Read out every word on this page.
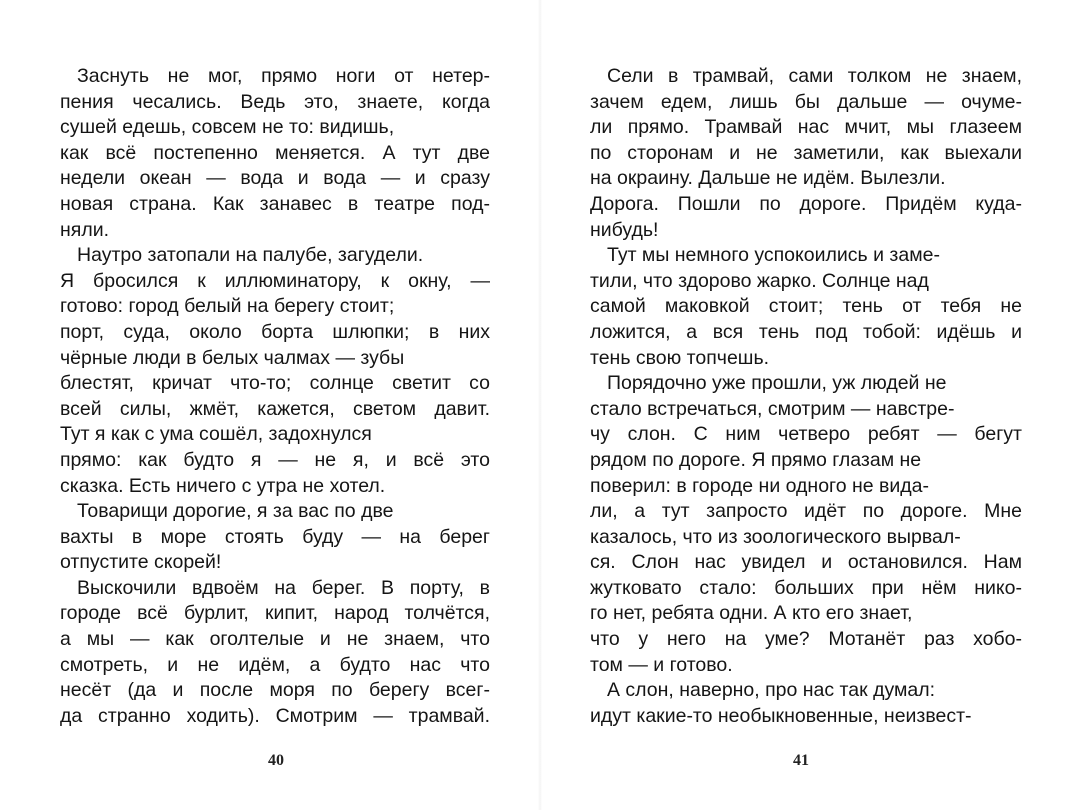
Заснуть не мог, прямо ноги от нетер-
пения чесались. Ведь это, знаете, когда
сушей едешь, совсем не то: видишь,
как всё постепенно меняется. А тут две
недели океан — вода и вода — и сразу
новая страна. Как занавес в театре под-
няли.
Наутро затопали на палубе, загудели.
Я бросился к иллюминатору, к окну, —
готово: город белый на берегу стоит;
порт, суда, около борта шлюпки; в них
чёрные люди в белых чалмах — зубы
блестят, кричат что-то; солнце светит со
всей силы, жмёт, кажется, светом давит.
Тут я как с ума сошёл, задохнулся
прямо: как будто я — не я, и всё это
сказка. Есть ничего с утра не хотел.
Товарищи дорогие, я за вас по две
вахты в море стоять буду — на берег
отпустите скорей!
Выскочили вдвоём на берег. В порту, в
городе всё бурлит, кипит, народ толчётся,
а мы — как оголтелые и не знаем, что
смотреть, и не идём, а будто нас что
несёт (да и после моря по берегу всег-
да странно ходить). Смотрим — трамвай.
Сели в трамвай, сами толком не знаем,
зачем едем, лишь бы дальше — очуме-
ли прямо. Трамвай нас мчит, мы глазеем
по сторонам и не заметили, как выехали
на окраину. Дальше не идём. Вылезли.
Дорога. Пошли по дороге. Придём куда-
нибудь!
Тут мы немного успокоились и заме-
тили, что здорово жарко. Солнце над
самой маковкой стоит; тень от тебя не
ложится, а вся тень под тобой: идёшь и
тень свою топчешь.
Порядочно уже прошли, уж людей не
стало встречаться, смотрим — навстре-
чу слон. С ним четверо ребят — бегут
рядом по дороге. Я прямо глазам не
поверил: в городе ни одного не вида-
ли, а тут запросто идёт по дороге. Мне
казалось, что из зоологического вырвал-
ся. Слон нас увидел и остановился. Нам
жутковато стало: больших при нём нико-
го нет, ребята одни. А кто его знает,
что у него на уме? Мотанёт раз хобо-
том — и готово.
А слон, наверно, про нас так думал:
идут какие-то необыкновенные, неизвест-
40	41
